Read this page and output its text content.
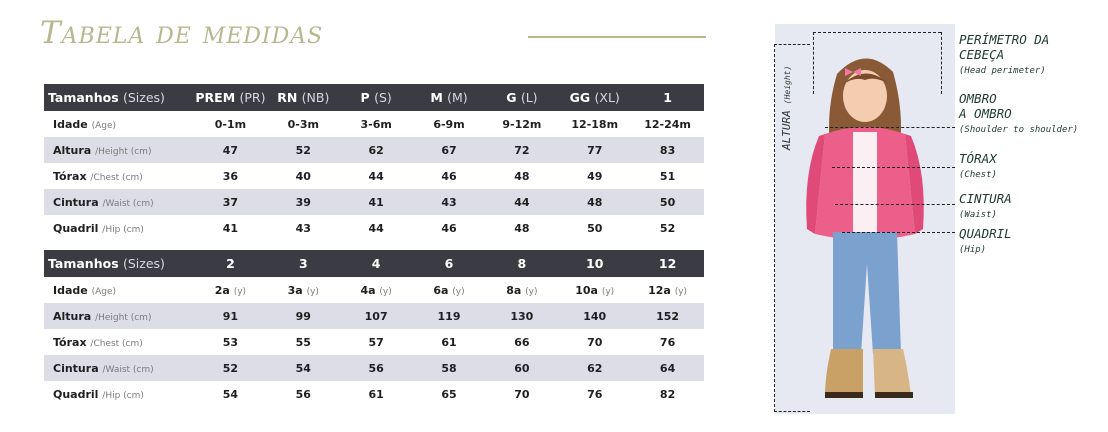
Tabela de medidas
Tamanhos (Sizes)	PREM (PR)	RN (NB)	P (S)	M (M)	G (L)	GG (XL)	1
Idade (Age)	0-1m	0-3m	3-6m	6-9m	9-12m	12-18m	12-24m
Altura /Height (cm)	47	52	62	67	72	77	83
Tórax /Chest (cm)	36	40	44	46	48	49	51
Cintura /Waist (cm)	37	39	41	43	44	48	50
Quadril /Hip (cm)	41	43	44	46	48	50	52
Tamanhos (Sizes)	2	3	4	6	8	10	12
Idade (Age)	2a (y)	3a (y)	4a (y)	6a (y)	8a (y)	10a (y)	12a (y)
Altura /Height (cm)	91	99	107	119	130	140	152
Tórax /Chest (cm)	53	55	57	61	66	70	76
Cintura /Waist (cm)	52	54	56	58	60	62	64
Quadril /Hip (cm)	54	56	61	65	70	76	82
ALTURA(Height)
PERÍMETRO DA
CEBEÇA
(Head perimeter)
OMBRO
A OMBRO
(Shoulder to shoulder)
TÓRAX
(Chest)
CINTURA
(Waist)
QUADRIL
(Hip)
